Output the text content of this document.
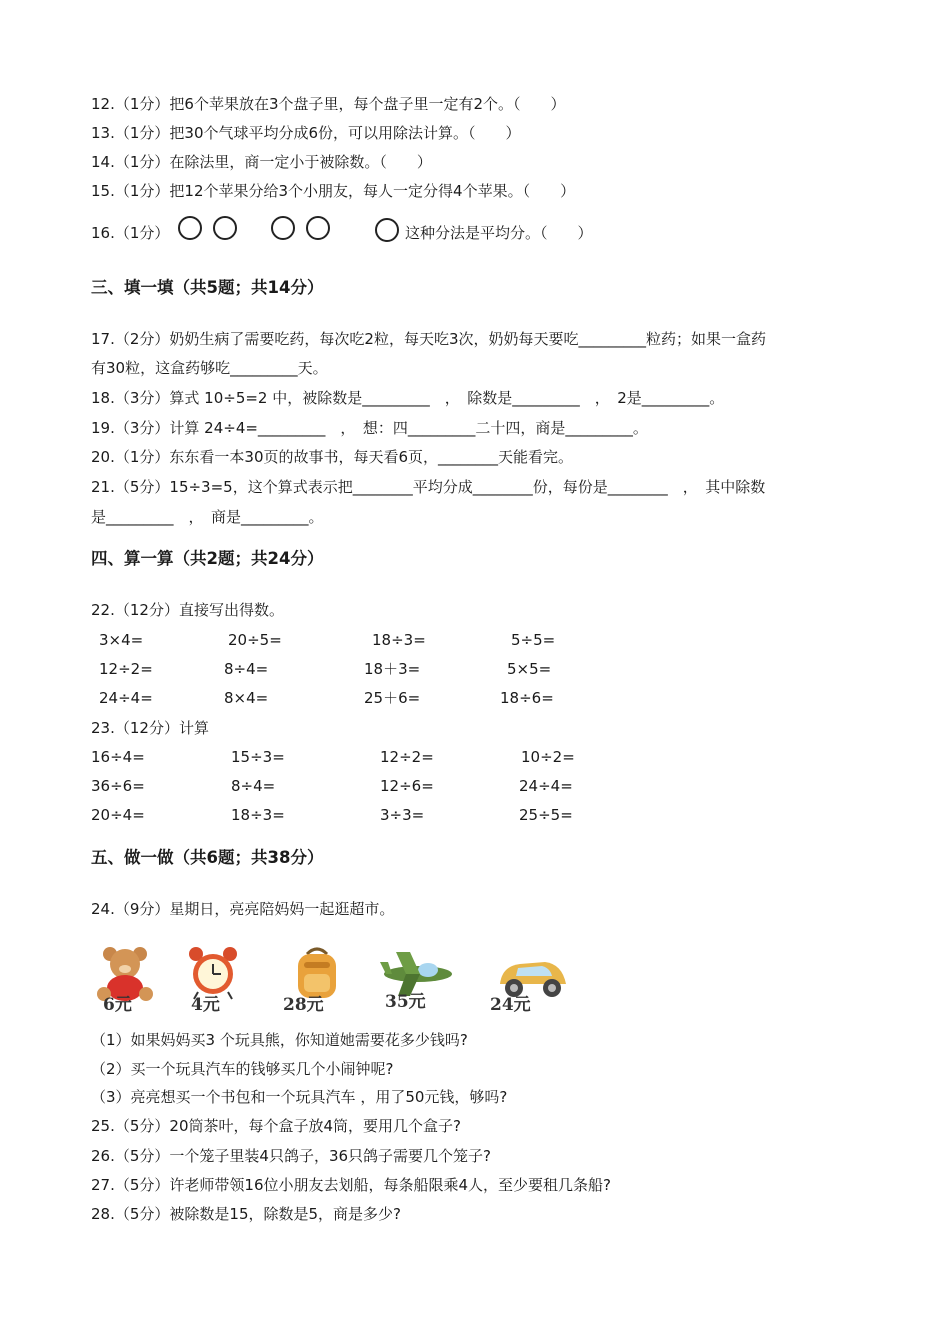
12.（1分）把6个苹果放在3个盘子里，每个盘子里一定有2个。（　　）
13.（1分）把30个气球平均分成6份，可以用除法计算。（　　）
14.（1分）在除法里，商一定小于被除数。（　　）
15.（1分）把12个苹果分给3个小朋友，每人一定分得4个苹果。（　　）
16.（1分）	这种分法是平均分。（　　）
三、填一填（共5题；共14分）
17.（2分）奶奶生病了需要吃药，每次吃2粒，每天吃3次，奶奶每天要吃_________粒药；如果一盒药
有30粒，这盒药够吃_________天。
18.（3分）算式 10÷5=2 中，被除数是_________　，　除数是_________　，　2是_________。
19.（3分）计算 24÷4=_________　，　想：四_________二十四，商是_________。
20.（1分）东东看一本30页的故事书，每天看6页，________天能看完。
21.（5分）15÷3=5，这个算式表示把________平均分成________份，每份是________　，　其中除数
是_________　，　商是_________。
四、算一算（共2题；共24分）
22.（12分）直接写出得数。
3×4=	20÷5=	18÷3=	5÷5=
12÷2=	8÷4=	18＋3=	5×5=
24÷4=	8×4=	25＋6=	18÷6=
23.（12分）计算
16÷4=	15÷3=	12÷2=	10÷2=
36÷6=	8÷4=	12÷6=	24÷4=
20÷4=	18÷3=	3÷3=	25÷5=
五、做一做（共6题；共38分）
24.（9分）星期日，亮亮陪妈妈一起逛超市。
6元	4元	28元	35元	24元
（1）如果妈妈买3 个玩具熊，你知道她需要花多少钱吗?
（2）买一个玩具汽车的钱够买几个小闹钟呢?
（3）亮亮想买一个书包和一个玩具汽车 ，用了50元钱，够吗?
25.（5分）20筒茶叶，每个盒子放4筒，要用几个盒子?
26.（5分）一个笼子里装4只鸽子，36只鸽子需要几个笼子?
27.（5分）许老师带领16位小朋友去划船，每条船限乘4人，至少要租几条船?
28.（5分）被除数是15，除数是5，商是多少?
